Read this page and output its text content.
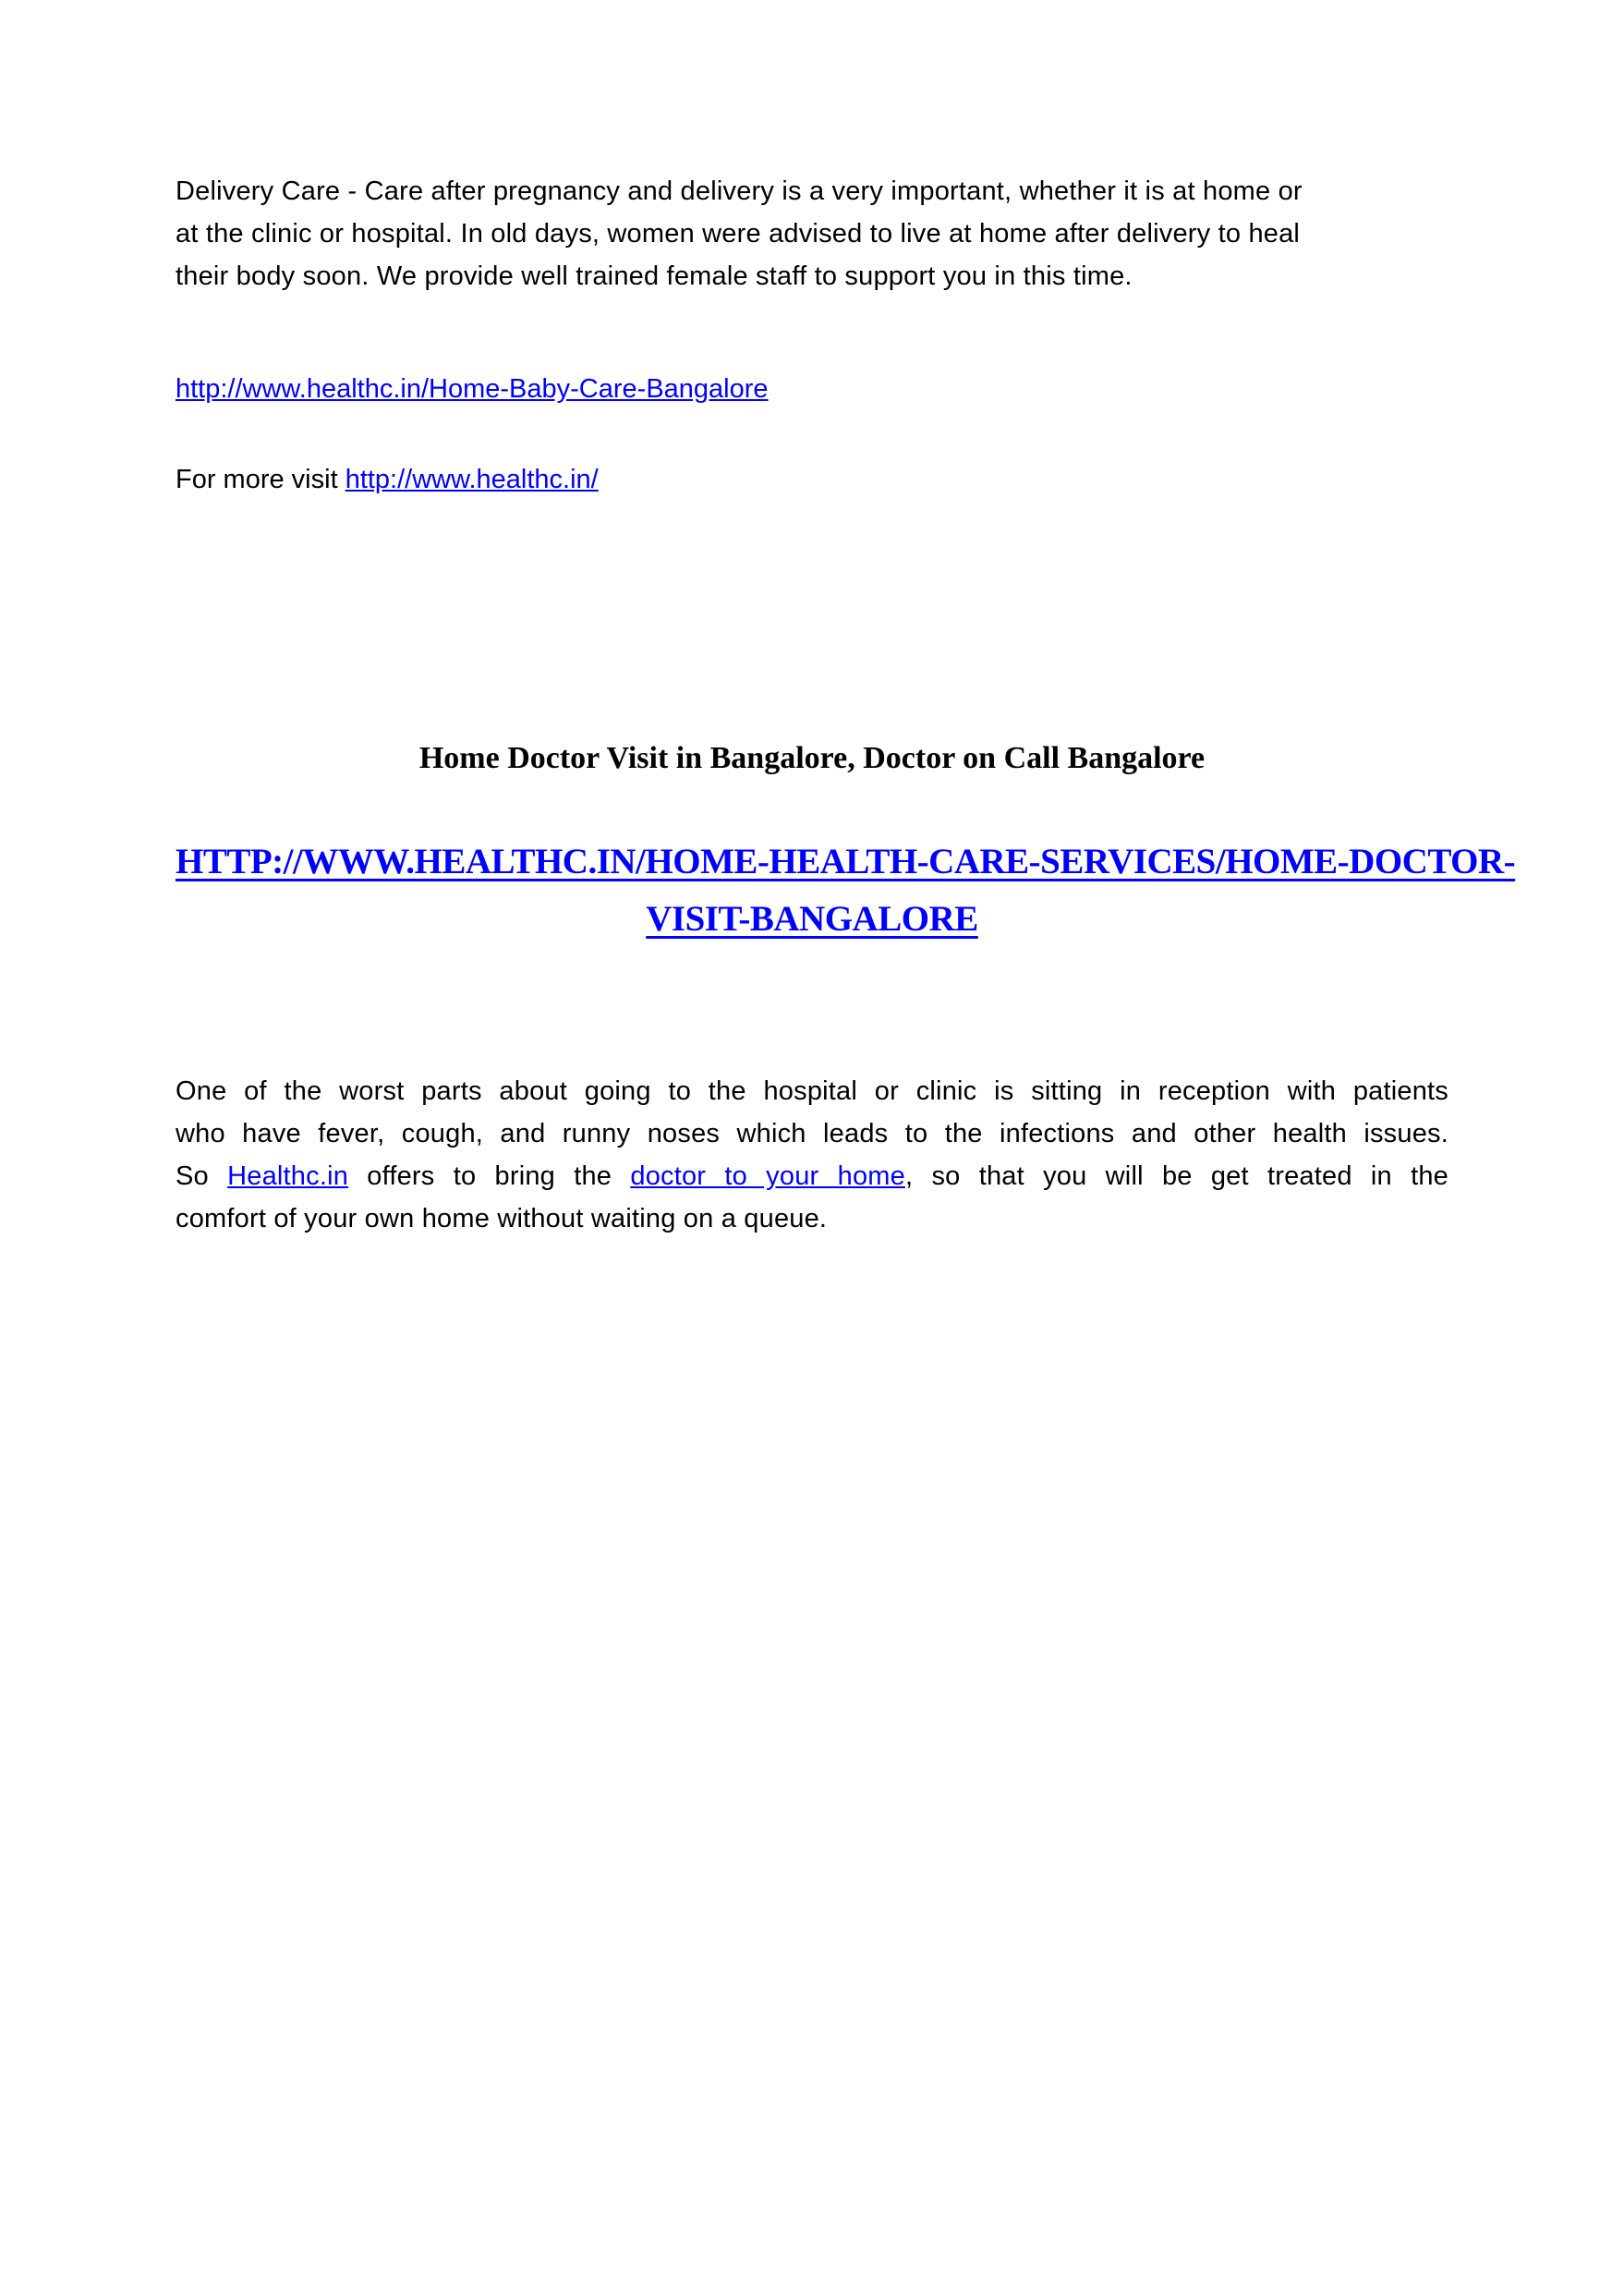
Delivery Care - Care after pregnancy and delivery is a very important, whether it is at home or
at the clinic or hospital. In old days, women were advised to live at home after delivery to heal
their body soon. We provide well trained female staff to support you in this time.
http://www.healthc.in/Home-Baby-Care-Bangalore
For more visit http://www.healthc.in/
Home Doctor Visit in Bangalore, Doctor on Call Bangalore
HTTP://WWW.HEALTHC.IN/HOME-HEALTH-CARE-SERVICES/HOME-DOCTOR-
VISIT-BANGALORE
One of the worst parts about going to the hospital or clinic is sitting in reception with patients
who have fever, cough, and runny noses which leads to the infections and other health issues.
So Healthc.in offers to bring the doctor to your home, so that you will be get treated in the
comfort of your own home without waiting on a queue.
